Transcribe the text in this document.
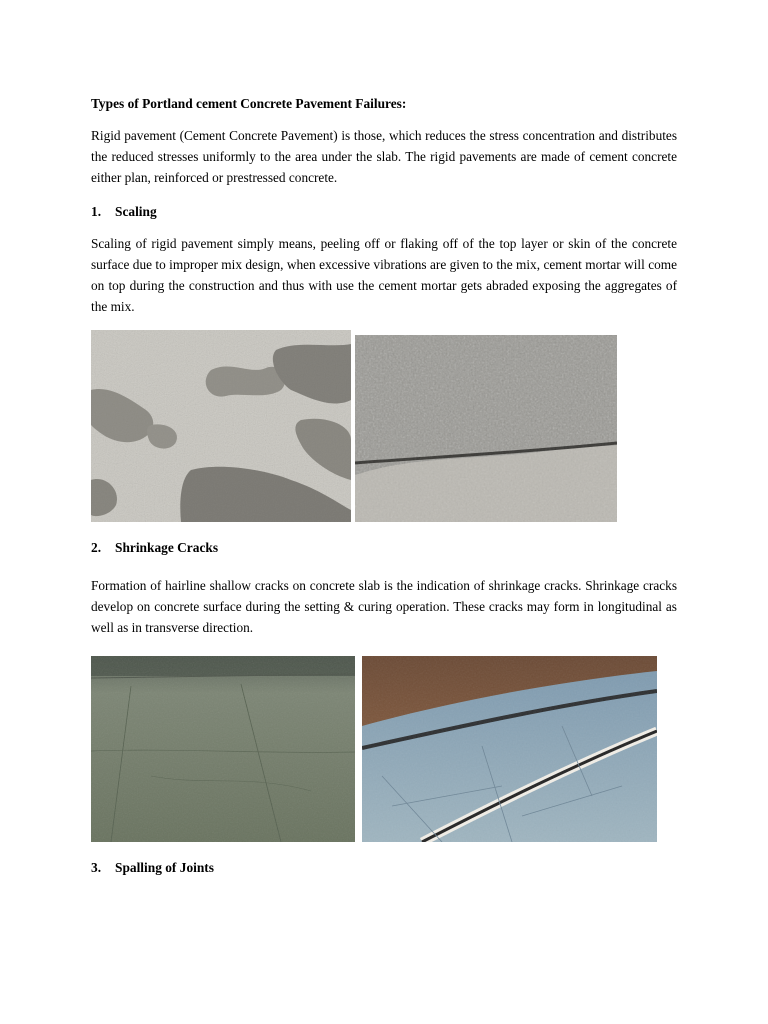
Types of Portland cement Concrete Pavement Failures:
Rigid pavement (Cement Concrete Pavement) is those, which reduces the stress concentration and distributes the reduced stresses uniformly to the area under the slab. The rigid pavements are made of cement concrete either plan, reinforced or prestressed concrete.
1. Scaling
Scaling of rigid pavement simply means, peeling off or flaking off of the top layer or skin of the concrete surface due to improper mix design, when excessive vibrations are given to the mix, cement mortar will come on top during the construction and thus with use the cement mortar gets abraded exposing the aggregates of the mix.
2. Shrinkage Cracks
Formation of hairline shallow cracks on concrete slab is the indication of shrinkage cracks. Shrinkage cracks develop on concrete surface during the setting & curing operation. These cracks may form in longitudinal as well as in transverse direction.
3. Spalling of Joints
